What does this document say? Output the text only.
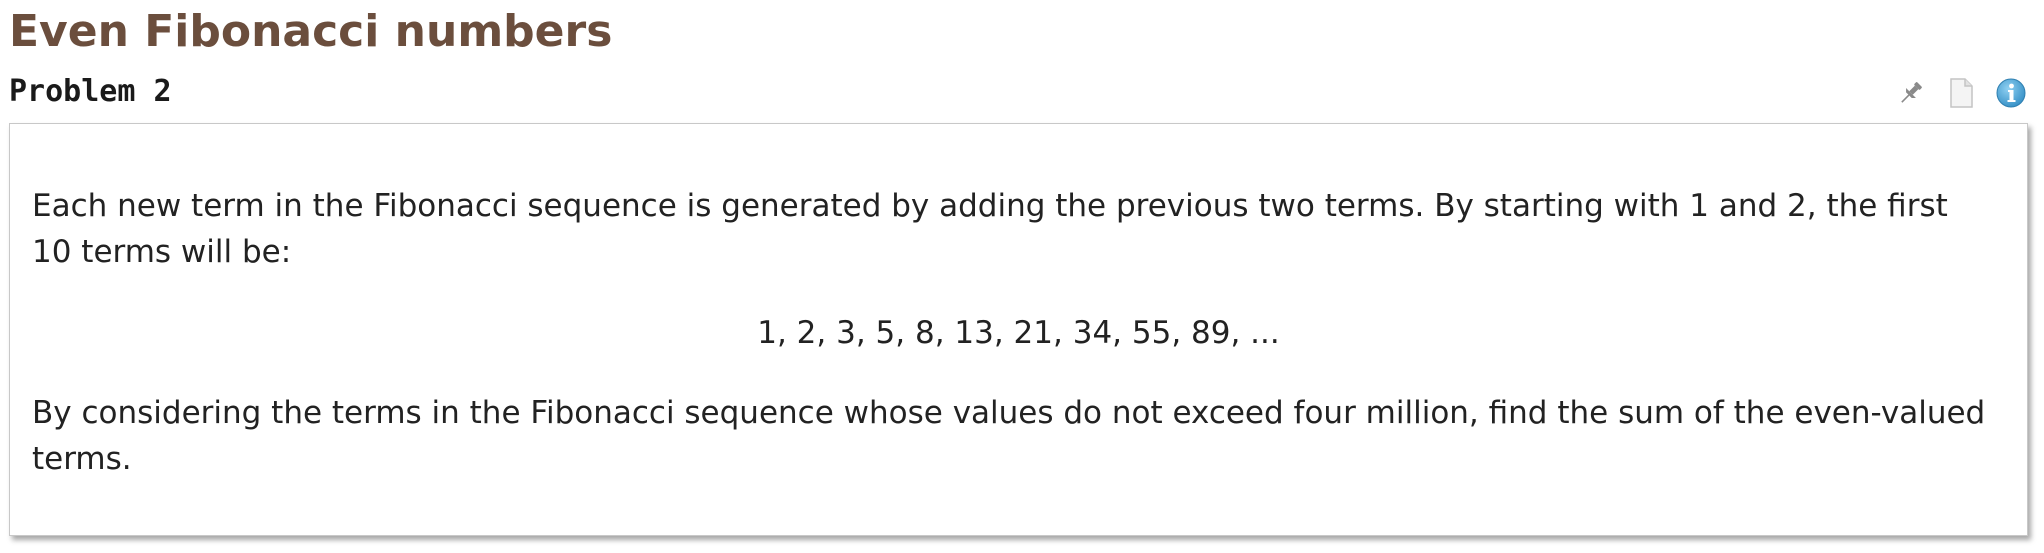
Even Fibonacci numbers
Problem 2

Each new term in the Fibonacci sequence is generated by adding the previous two terms. By starting with 1 and 2, the first 10 terms will be:

1, 2, 3, 5, 8, 13, 21, 34, 55, 89, ...

By considering the terms in the Fibonacci sequence whose values do not exceed four million, find the sum of the even-valued terms.
